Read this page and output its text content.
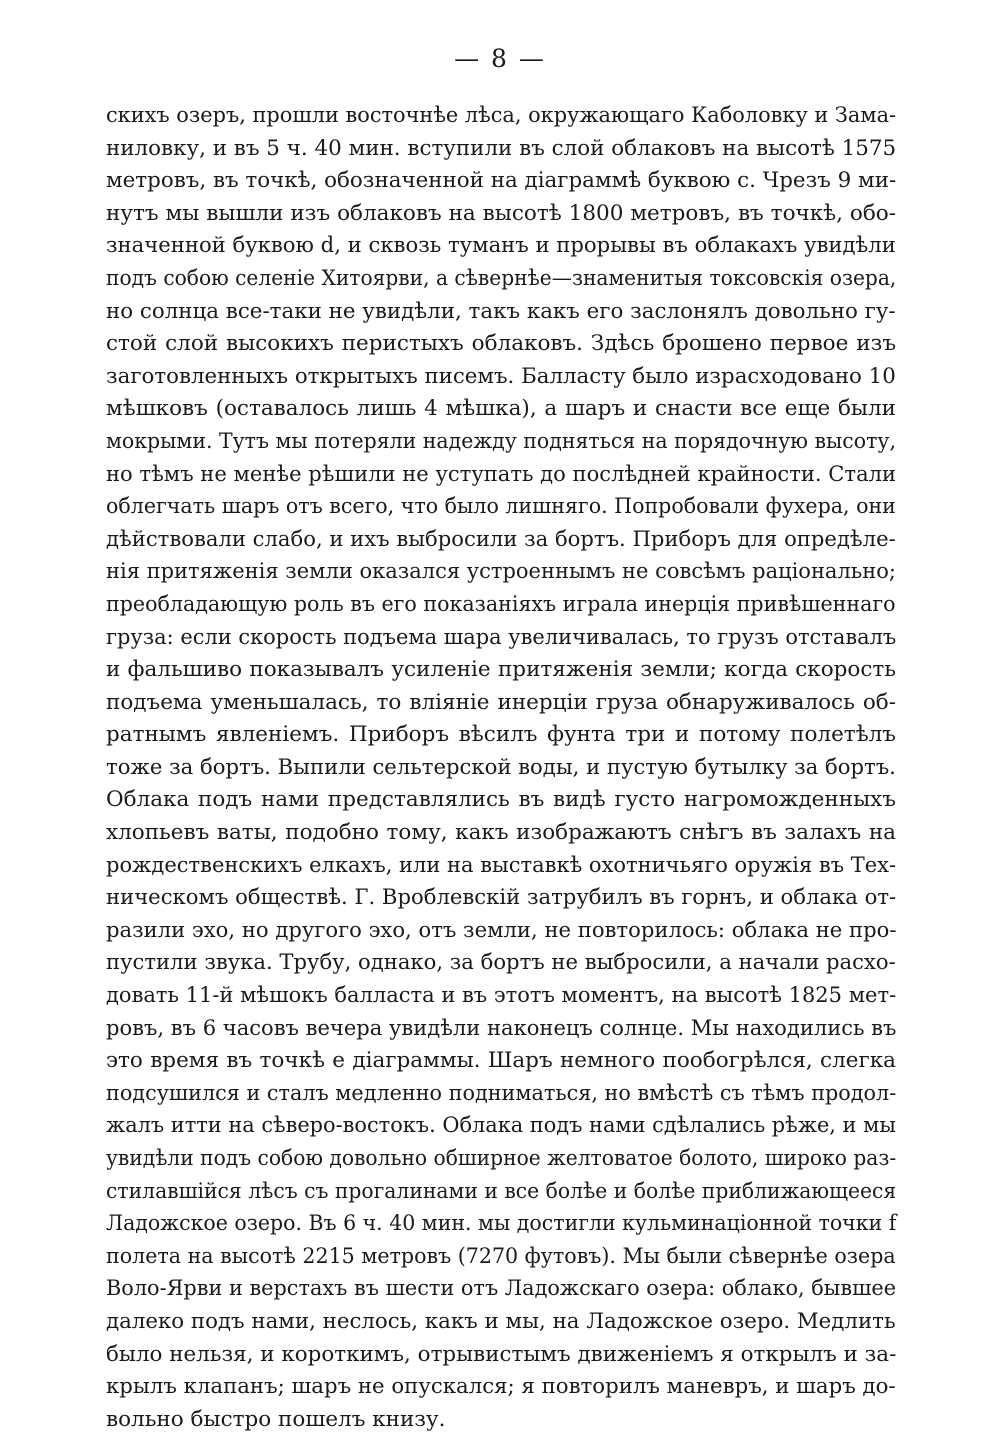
— 8 —
скихъ озеръ, прошли восточнѣе лѣса, окружающаго Каболовку и Зама-
ниловку, и въ 5 ч. 40 мин. вступили въ слой облаковъ на высотѣ 1575
метровъ, въ точкѣ, обозначенной на діаграммѣ буквою c. Чрезъ 9 ми-
нутъ мы вышли изъ облаковъ на высотѣ 1800 метровъ, въ точкѣ, обо-
значенной буквою d, и сквозь туманъ и прорывы въ облакахъ увидѣли
подъ собою селеніе Хитоярви, а сѣвернѣе—знаменитыя токсовскія озера,
но солнца все-таки не увидѣли, такъ какъ его заслонялъ довольно гу-
стой слой высокихъ перистыхъ облаковъ. Здѣсь брошено первое изъ
заготовленныхъ открытыхъ писемъ. Балласту было израсходовано 10
мѣшковъ (оставалось лишь 4 мѣшка), а шаръ и снасти все еще были
мокрыми. Тутъ мы потеряли надежду подняться на порядочную высоту,
но тѣмъ не менѣе рѣшили не уступать до послѣдней крайности. Стали
облегчать шаръ отъ всего, что было лишняго. Попробовали фухера, они
дѣйствовали слабо, и ихъ выбросили за бортъ. Приборъ для опредѣле-
нія притяженія земли оказался устроеннымъ не совсѣмъ раціонально;
преобладающую роль въ его показаніяхъ играла инерція привѣшеннаго
груза: если скорость подъема шара увеличивалась, то грузъ отставалъ
и фальшиво показывалъ усиленіе притяженія земли; когда скорость
подъема уменьшалась, то вліяніе инерціи груза обнаруживалось об-
ратнымъ явленіемъ. Приборъ вѣсилъ фунта три и потому полетѣлъ
тоже за бортъ. Выпили сельтерской воды, и пустую бутылку за бортъ.
Облака подъ нами представлялись въ видѣ густо нагроможденныхъ
хлопьевъ ваты, подобно тому, какъ изображаютъ снѣгъ въ залахъ на
рождественскихъ елкахъ, или на выставкѣ охотничьяго оружія въ Тех-
ническомъ обществѣ. Г. Вроблевскій затрубилъ въ горнъ, и облака от-
разили эхо, но другого эхо, отъ земли, не повторилось: облака не про-
пустили звука. Трубу, однако, за бортъ не выбросили, а начали расхо-
довать 11-й мѣшокъ балласта и въ этотъ моментъ, на высотѣ 1825 мет-
ровъ, въ 6 часовъ вечера увидѣли наконецъ солнце. Мы находились въ
это время въ точкѣ e діаграммы. Шаръ немного пообогрѣлся, слегка
подсушился и сталъ медленно подниматься, но вмѣстѣ съ тѣмъ продол-
жалъ итти на сѣверо-востокъ. Облака подъ нами сдѣлались рѣже, и мы
увидѣли подъ собою довольно обширное желтоватое болото, широко раз-
стилавшійся лѣсъ съ прогалинами и все болѣе и болѣе приближающееся
Ладожское озеро. Въ 6 ч. 40 мин. мы достигли кульминаціонной точки f
полета на высотѣ 2215 метровъ (7270 футовъ). Мы были сѣвернѣе озера
Воло-Ярви и верстахъ въ шести отъ Ладожскаго озера: облако, бывшее
далеко подъ нами, неслось, какъ и мы, на Ладожское озеро. Медлить
было нельзя, и короткимъ, отрывистымъ движеніемъ я открылъ и за-
крылъ клапанъ; шаръ не опускался; я повторилъ маневръ, и шаръ до-
вольно быстро пошелъ книзу.
